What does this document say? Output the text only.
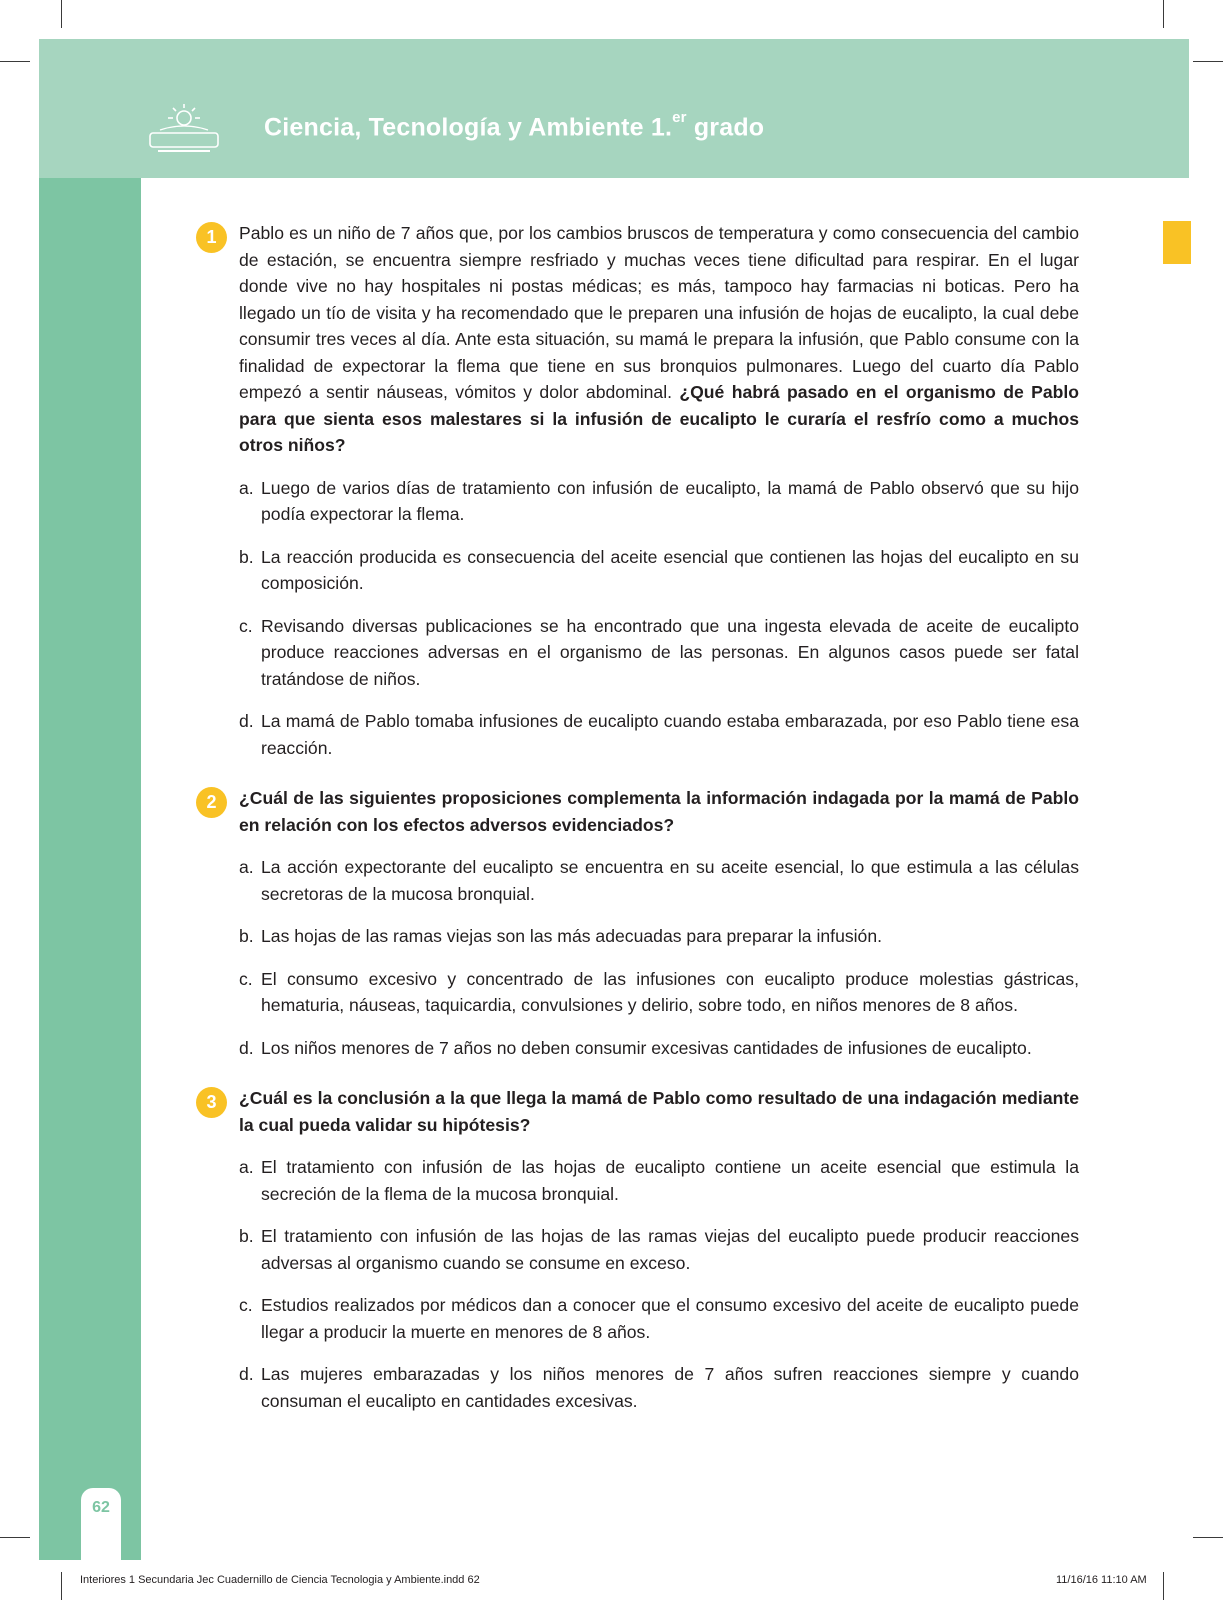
Ciencia, Tecnología y Ambiente 1.$^{er}$ grado
62
1	Pablo es un niño de 7 años que, por los cambios bruscos de temperatura y como consecuencia del cambio de estación, se encuentra siempre resfriado y muchas veces tiene dificultad para respirar. En el lugar donde vive no hay hospitales ni postas médicas; es más, tampoco hay farmacias ni boticas. Pero ha llegado un tío de visita y ha recomendado que le preparen una infusión de hojas de eucalipto, la cual debe consumir tres veces al día. Ante esta situación, su mamá le prepara la infusión, que Pablo consume con la finalidad de expectorar la flema que tiene en sus bronquios pulmonares. Luego del cuarto día Pablo empezó a sentir náuseas, vómitos y dolor abdominal. ¿Qué habrá pasado en el organismo de Pablo para que sienta esos malestares si la infusión de eucalipto le curaría el resfrío como a muchos otros niños?
a. Luego de varios días de tratamiento con infusión de eucalipto, la mamá de Pablo observó que su hijo podía expectorar la flema.
b. La reacción producida es consecuencia del aceite esencial que contienen las hojas del eucalipto en su composición.
c. Revisando diversas publicaciones se ha encontrado que una ingesta elevada de aceite de eucalipto produce reacciones adversas en el organismo de las personas. En algunos casos puede ser fatal tratándose de niños.
d. La mamá de Pablo tomaba infusiones de eucalipto cuando estaba embarazada, por eso Pablo tiene esa reacción.
2	¿Cuál de las siguientes proposiciones complementa la información indagada por la mamá de Pablo en relación con los efectos adversos evidenciados?
a. La acción expectorante del eucalipto se encuentra en su aceite esencial, lo que estimula a las células secretoras de la mucosa bronquial.
b. Las hojas de las ramas viejas son las más adecuadas para preparar la infusión.
c. El consumo excesivo y concentrado de las infusiones con eucalipto produce molestias gástricas, hematuria, náuseas, taquicardia, convulsiones y delirio, sobre todo, en niños menores de 8 años.
d. Los niños menores de 7 años no deben consumir excesivas cantidades de infusiones de eucalipto.
3	¿Cuál es la conclusión a la que llega la mamá de Pablo como resultado de una indagación mediante la cual pueda validar su hipótesis?
a. El tratamiento con infusión de las hojas de eucalipto contiene un aceite esencial que estimula la secreción de la flema de la mucosa bronquial.
b. El tratamiento con infusión de las hojas de las ramas viejas del eucalipto puede producir reacciones adversas al organismo cuando se consume en exceso.
c. Estudios realizados por médicos dan a conocer que el consumo excesivo del aceite de eucalipto puede llegar a producir la muerte en menores de 8 años.
d. Las mujeres embarazadas y los niños menores de 7 años sufren reacciones siempre y cuando consuman el eucalipto en cantidades excesivas.
Interiores 1 Secundaria Jec Cuadernillo de Ciencia Tecnologia y Ambiente.indd 62	11/16/16 11:10 AM
